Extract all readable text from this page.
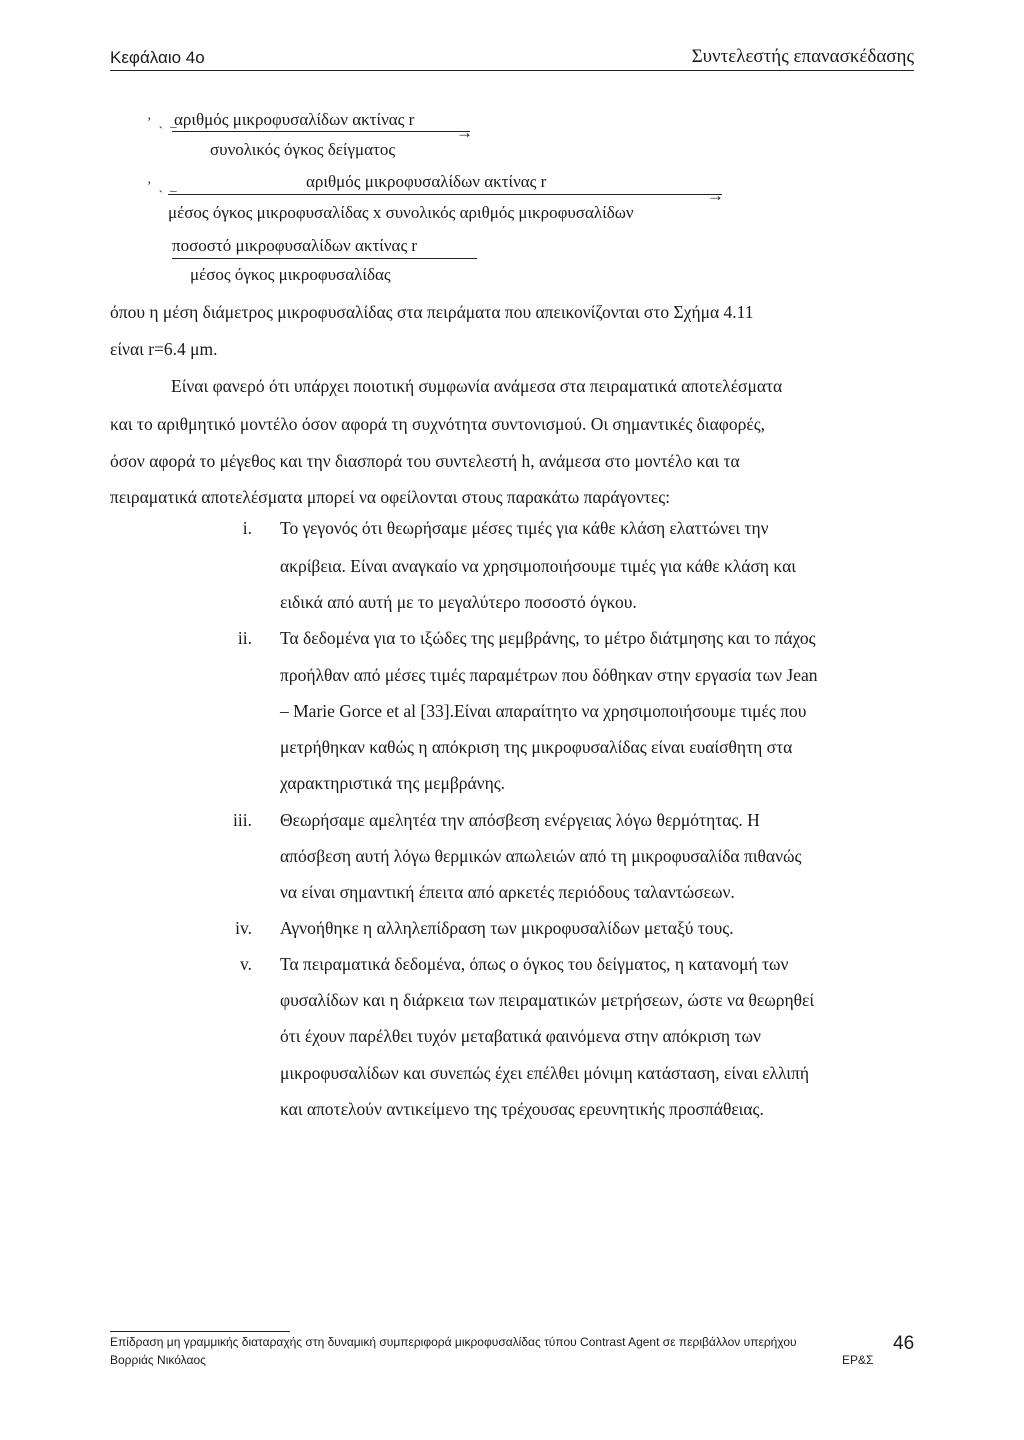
Κεφάλαιο 4ο	Συντελεστής επανασκέδασης
ʼ ˎ _
αριθμός μικροφυσαλίδων ακτίνας r
→
συνολικός όγκος δείγματος
ʼ ˎ _	αριθμός μικροφυσαλίδων ακτίνας r
→
μέσος όγκος μικροφυσαλίδας x συνολικός αριθμός μικροφυσαλίδων
ποσοστό μικροφυσαλίδων ακτίνας r
μέσος όγκος μικροφυσαλίδας
όπου η μέση διάμετρος μικροφυσαλίδας στα πειράματα που απεικονίζονται στο Σχήμα 4.11
είναι r=6.4 μm.
Είναι φανερό ότι υπάρχει ποιοτική συμφωνία ανάμεσα στα πειραματικά αποτελέσματα
και το αριθμητικό μοντέλο όσον αφορά τη συχνότητα συντονισμού. Οι σημαντικές διαφορές,
όσον αφορά το μέγεθος και την διασπορά του συντελεστή h, ανάμεσα στο μοντέλο και τα
πειραματικά αποτελέσματα μπορεί να οφείλονται στους παρακάτω παράγοντες:
i. Το γεγονός ότι θεωρήσαμε μέσες τιμές για κάθε κλάση ελαττώνει την
ακρίβεια. Είναι αναγκαίο να χρησιμοποιήσουμε τιμές για κάθε κλάση και
ειδικά από αυτή με το μεγαλύτερο ποσοστό όγκου.
ii. Τα δεδομένα για το ιξώδες της μεμβράνης, το μέτρο διάτμησης και το πάχος
προήλθαν από μέσες τιμές παραμέτρων που δόθηκαν στην εργασία των Jean
– Marie Gorce et al [33].Είναι απαραίτητο να χρησιμοποιήσουμε τιμές που
μετρήθηκαν καθώς η απόκριση της μικροφυσαλίδας είναι ευαίσθητη στα
χαρακτηριστικά της μεμβράνης.
iii. Θεωρήσαμε αμελητέα την απόσβεση ενέργειας λόγω θερμότητας. Η
απόσβεση αυτή λόγω θερμικών απωλειών από τη μικροφυσαλίδα πιθανώς
να είναι σημαντική έπειτα από αρκετές περιόδους ταλαντώσεων.
iv. Αγνοήθηκε η αλληλεπίδραση των μικροφυσαλίδων μεταξύ τους.
v. Τα πειραματικά δεδομένα, όπως ο όγκος του δείγματος, η κατανομή των
φυσαλίδων και η διάρκεια των πειραματικών μετρήσεων, ώστε να θεωρηθεί
ότι έχουν παρέλθει τυχόν μεταβατικά φαινόμενα στην απόκριση των
μικροφυσαλίδων και συνεπώς έχει επέλθει μόνιμη κατάσταση, είναι ελλιπή
και αποτελούν αντικείμενο της τρέχουσας ερευνητικής προσπάθειας.
Επίδραση μη γραμμικής διαταραχής στη δυναμική συμπεριφορά μικροφυσαλίδας τύπου Contrast Agent σε περιβάλλον υπερήχου
Βορριάς Νικόλαος	ΕΡ&Σ
46
